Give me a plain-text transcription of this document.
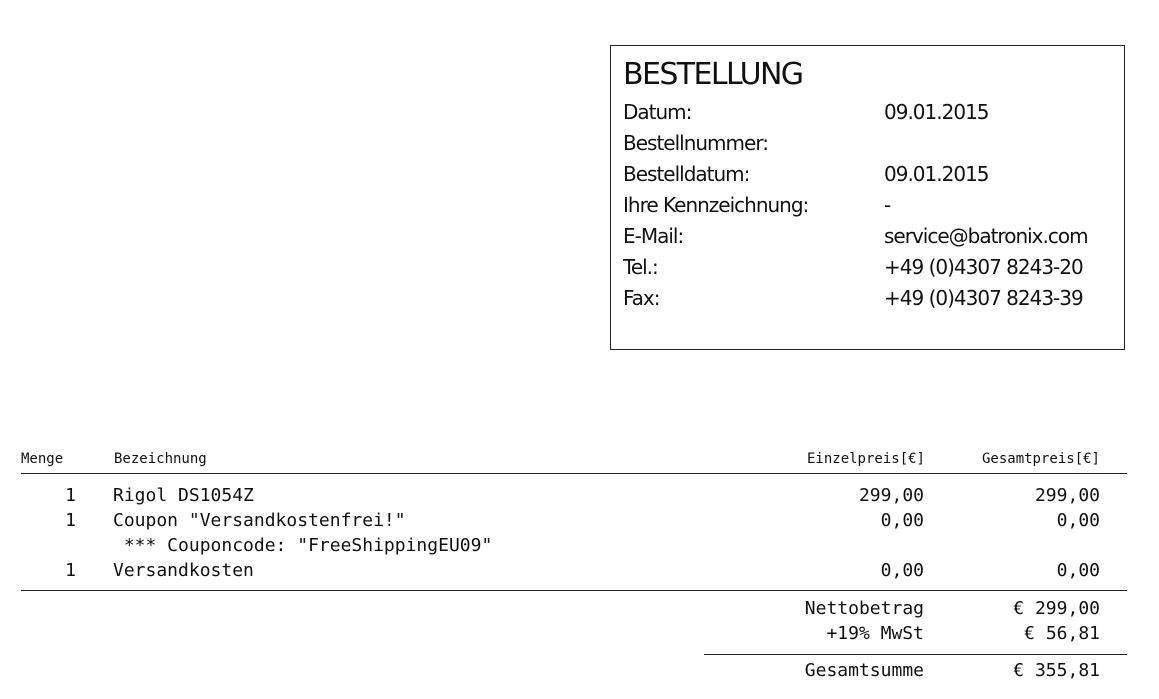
BESTELLUNG
Datum:	09.01.2015
Bestellnummer:
Bestelldatum:	09.01.2015
Ihre Kennzeichnung:	-
E-Mail:	service@batronix.com
Tel.:	+49 (0)4307 8243-20
Fax:	+49 (0)4307 8243-39
Menge	Bezeichnung	Einzelpreis[€]	Gesamtpreis[€]
1 Rigol DS1054Z	299,00	299,00
1 Coupon "Versandkostenfrei!"	0,00	0,00
*** Couponcode: "FreeShippingEU09"
1 Versandkosten	0,00	0,00
Nettobetrag	€ 299,00
+19% MwSt	€ 56,81
Gesamtsumme	€ 355,81
